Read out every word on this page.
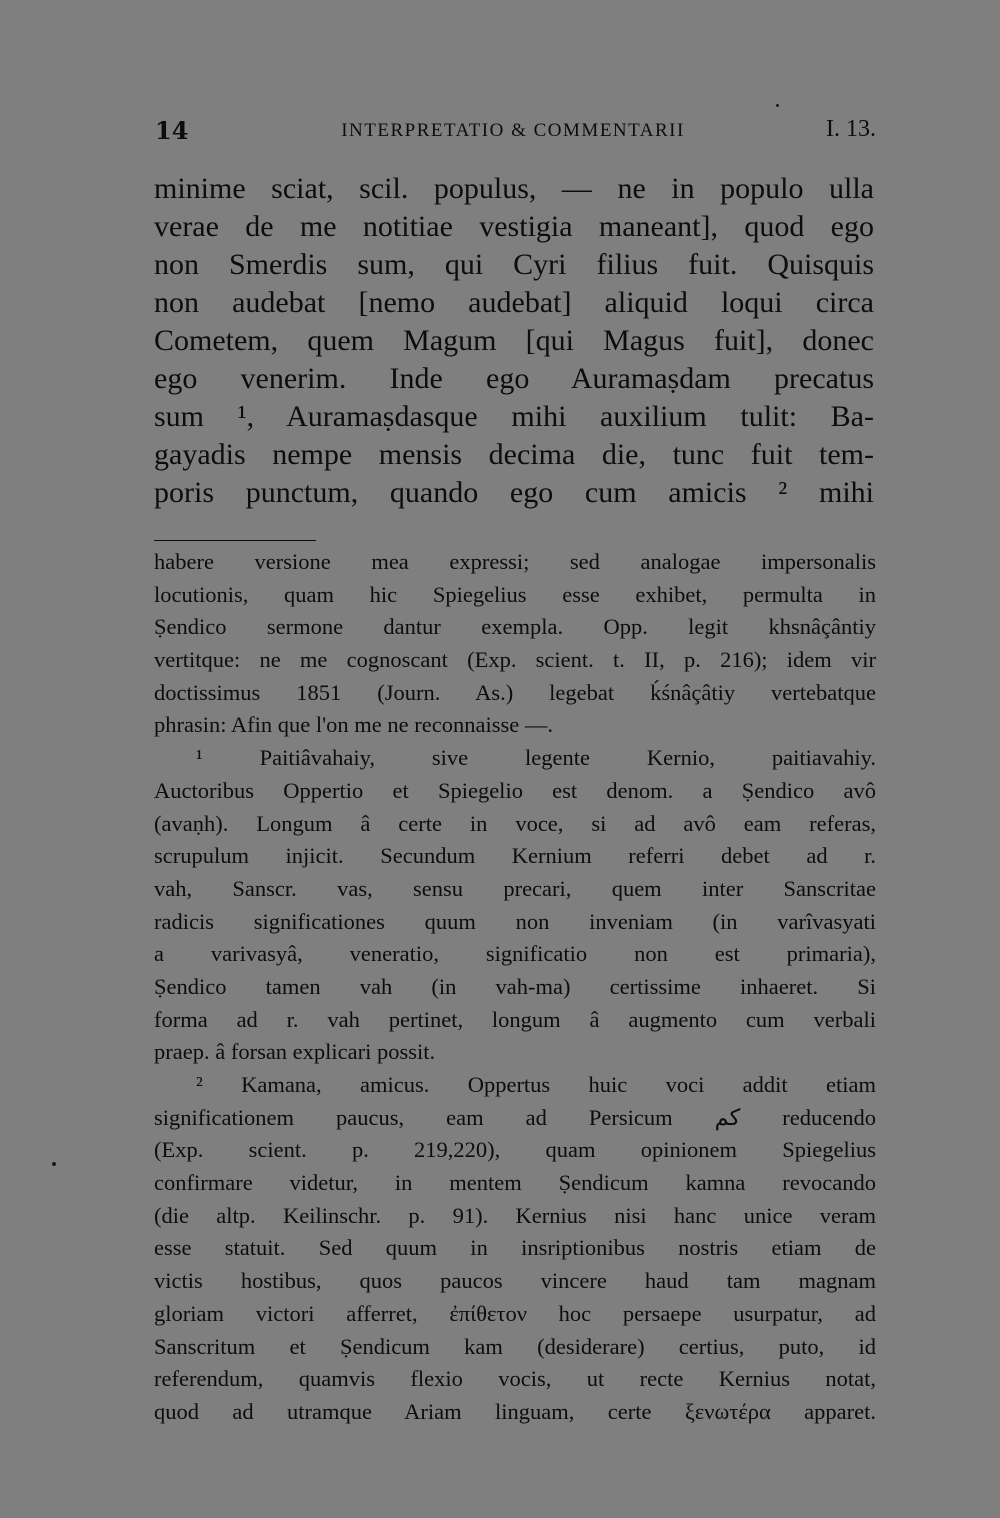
14	INTERPRETATIO & COMMENTARII	I. 13.
minime sciat, scil. populus, — ne in populo ulla
verae de me notitiae vestigia maneant], quod ego
non Smerdis sum, qui Cyri filius fuit. Quisquis
non audebat [nemo audebat] aliquid loqui circa
Cometem, quem Magum [qui Magus fuit], donec
ego venerim. Inde ego Auramaṣdam precatus
sum ¹, Auramaṣdasque mihi auxilium tulit: Ba-
gayadis nempe mensis decima die, tunc fuit tem-
poris punctum, quando ego cum amicis ² mihi
habere versione mea expressi; sed analogae impersonalis
locutionis, quam hic Spiegelius esse exhibet, permulta in
Ṣendico sermone dantur exempla. Opp. legit khsnâçântiy
vertitque: ne me cognoscant (Exp. scient. t. II, p. 216); idem vir
doctissimus 1851 (Journ. As.) legebat ḱśnâçâtiy vertebatque
phrasin: Afin que l'on me ne reconnaisse —.
¹ Paitiâvahaiy, sive legente Kernio, paitiavahiy.
Auctoribus Oppertio et Spiegelio est denom. a Ṣendico avô
(avaṇh). Longum â certe in voce, si ad avô eam referas,
scrupulum injicit. Secundum Kernium referri debet ad r.
vah, Sanscr. vas, sensu precari, quem inter Sanscritae
radicis significationes quum non inveniam (in varîvasyati
a varivasyâ, veneratio, significatio non est primaria),
Ṣendico tamen vah (in vah-ma) certissime inhaeret. Si
forma ad r. vah pertinet, longum â augmento cum verbali
praep. â forsan explicari possit.
² Kamana, amicus. Oppertus huic voci addit etiam
significationem paucus, eam ad Persicum کم reducendo
(Exp. scient. p. 219,220), quam opinionem Spiegelius
confirmare videtur, in mentem Ṣendicum kamna revocando
(die altp. Keilinschr. p. 91). Kernius nisi hanc unice veram
esse statuit. Sed quum in insriptionibus nostris etiam de
victis hostibus, quos paucos vincere haud tam magnam
gloriam victori afferret, ἐπίθετον hoc persaepe usurpatur, ad
Sanscritum et Ṣendicum kam (desiderare) certius, puto, id
referendum, quamvis flexio vocis, ut recte Kernius notat,
quod ad utramque Ariam linguam, certe ξενωτέρα apparet.
